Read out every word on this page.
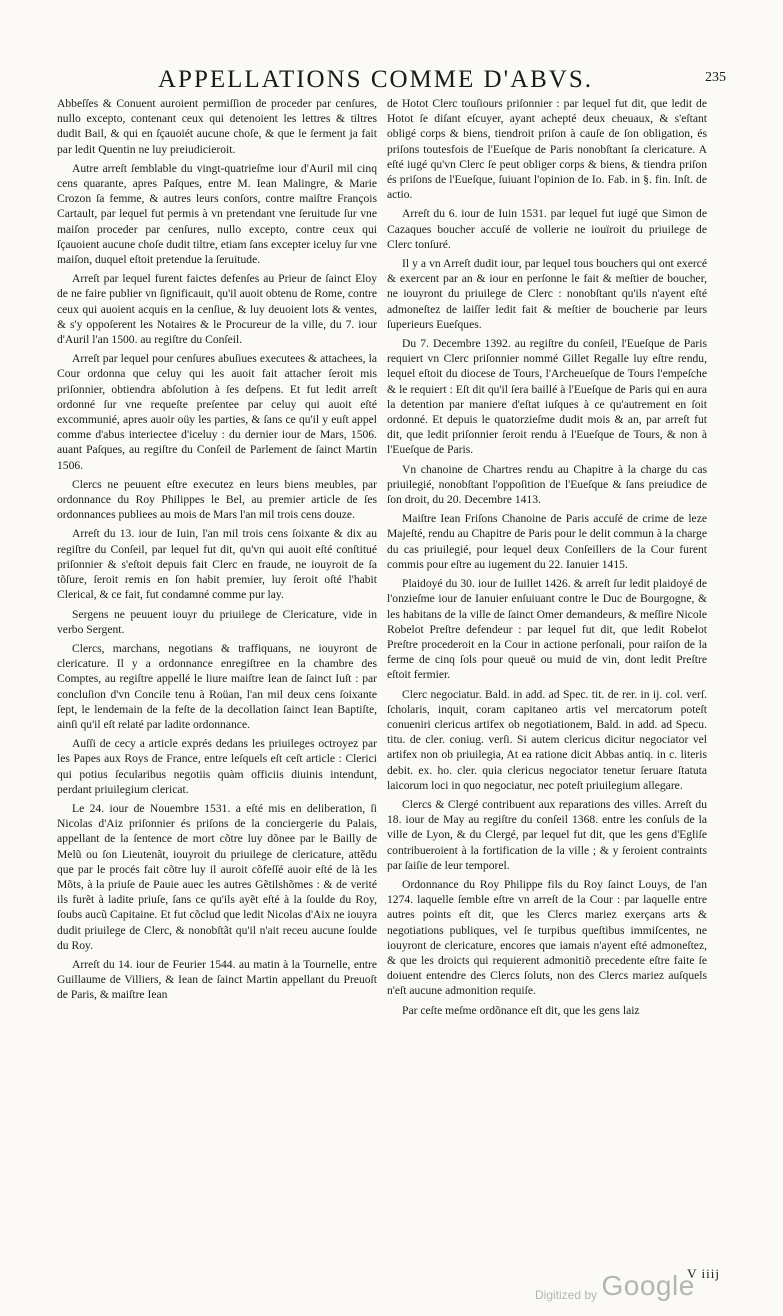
APPELLATIONS COMME D'ABVS.	235

Abbeſſes & Conuent auroient permiſſion de proceder par cenſures, nullo excepto, contenant ceux qui detenoient les lettres & tiltres dudit Bail, & qui en ſçauoiét aucune choſe, & que le ſerment ja fait par ledit Quentin ne luy preiudicieroit.

Autre arreſt ſemblable du vingt-quatrieſme iour d'Auril mil cinq cens quarante, apres Paſques, entre M. Iean Malingre, & Marie Crozon ſa femme, & autres leurs conſors, contre maiſtre François Cartault, par lequel fut permis à vn pretendant vne ſeruitude ſur vne maiſon proceder par cenſures, nullo excepto, contre ceux qui ſçauoient aucune choſe dudit tiltre, etiam ſans excepter iceluy ſur vne maiſon, duquel eſtoit pretendue la ſeruitude.

Arreſt par lequel furent faictes defenſes au Prieur de ſainct Eloy de ne faire publier vn ſignificauit, qu'il auoit obtenu de Rome, contre ceux qui auoient acquis en la cenſiue, & luy deuoient lots & ventes, & s'y oppoſerent les Notaires & le Procureur de la ville, du 7. iour d'Auril l'an 1500. au regiſtre du Conſeil.

Arreſt par lequel pour cenſures abuſiues executees & attachees, la Cour ordonna que celuy qui les auoit fait attacher ſeroit mis priſonnier, obtiendra abſolution à ſes deſpens. Et fut ledit arreſt ordonné ſur vne requeſte preſentee par celuy qui auoit eſté excommunié, apres auoir oüy les parties, & ſans ce qu'il y euſt appel comme d'abus interiectee d'iceluy : du dernier iour de Mars, 1506. auant Paſques, au regiſtre du Conſeil de Parlement de ſainct Martin 1506.

Clercs ne peuuent eſtre executez en leurs biens meubles, par ordonnance du Roy Philippes le Bel, au premier article de ſes ordonnances publiees au mois de Mars l'an mil trois cens douze.

Arreſt du 13. iour de Iuin, l'an mil trois cens ſoixante & dix au regiſtre du Conſeil, par lequel fut dit, qu'vn qui auoit eſté conſtitué priſonnier & s'eſtoit depuis fait Clerc en fraude, ne iouyroit de ſa tõſure, ſeroit remis en ſon habit premier, luy ſeroit oſté l'habit Clerical, & ce fait, fut condamné comme pur lay.

Sergens ne peuuent iouyr du priuilege de Clericature, vide in verbo Sergent.

Clercs, marchans, negotians & traffiquans, ne iouyront de clericature. Il y a ordonnance enregiſtree en la chambre des Comptes, au regiſtre appellé le liure maiſtre Iean de ſainct Iuſt : par concluſion d'vn Concile tenu à Roüan, l'an mil deux cens ſoixante ſept, le lendemain de la feſte de la decollation ſainct Iean Baptiſte, ainſi qu'il eſt relaté par ladite ordonnance.

Auſſi de cecy a article exprés dedans les priuileges octroyez par les Papes aux Roys de France, entre leſquels eſt ceſt article : Clerici qui potius ſecularibus negotiis quàm officiis diuinis intendunt, perdant priuilegium clericat.

Le 24. iour de Nouembre 1531. a eſté mis en deliberation, ſi Nicolas d'Aiz priſonnier és priſons de la conciergerie du Palais, appellant de la ſentence de mort cõtre luy dõnee par le Bailly de Melũ ou ſon Lieutenãt, iouyroit du priuilege de clericature, attẽdu que par le procés fait cõtre luy il auroit cõfeſſé auoir eſté de là les Mõts, à la priuſe de Pauie auec les autres Gẽtilshõmes : & de verité ils furẽt à ladite priuſe, ſans ce qu'ils ayẽt eſté à la ſoulde du Roy, ſoubs aucũ Capitaine. Et fut cõclud que ledit Nicolas d'Aix ne iouyra dudit priuilege de Clerc, & nonobſtãt qu'il n'ait receu aucune ſoulde du Roy.

Arreſt du 14. iour de Feurier 1544. au matin à la Tournelle, entre Guillaume de Villiers, & Iean de ſainct Martin appellant du Preuoſt de Paris, & maiſtre Iean

de Hotot Clerc touſiours priſonnier : par lequel fut dit, que ledit de Hotot ſe diſant eſcuyer, ayant achepté deux cheuaux, & s'eſtant obligé corps & biens, tiendroit priſon à cauſe de ſon obligation, és priſons toutesfois de l'Eueſque de Paris nonobſtant ſa clericature. A eſté iugé qu'vn Clerc ſe peut obliger corps & biens, & tiendra priſon és priſons de l'Eueſque, ſuiuant l'opinion de Io. Fab. in §. fin. Inſt. de actio.

Arreſt du 6. iour de Iuin 1531. par lequel fut iugé que Simon de Cazaques boucher accuſé de vollerie ne iouïroit du priuilege de Clerc tonſuré.

Il y a vn Arreſt dudit iour, par lequel tous bouchers qui ont exercé & exercent par an & iour en perſonne le fait & meſtier de boucher, ne iouyront du priuilege de Clerc : nonobſtant qu'ils n'ayent eſté admoneſtez de laiſſer ledit fait & meſtier de boucherie par leurs ſuperieurs Eueſques.

Du 7. Decembre 1392. au regiſtre du conſeil, l'Eueſque de Paris requiert vn Clerc priſonnier nommé Gillet Regalle luy eſtre rendu, lequel eſtoit du diocese de Tours, l'Archeueſque de Tours l'empeſche & le requiert : Eſt dit qu'il ſera baillé à l'Eueſque de Paris qui en aura la detention par maniere d'eſtat iuſques à ce qu'autrement en ſoit ordonné. Et depuis le quatorzieſme dudit mois & an, par arreſt fut dit, que ledit priſonnier ſeroit rendu à l'Eueſque de Tours, & non à l'Eueſque de Paris.

Vn chanoine de Chartres rendu au Chapitre à la charge du cas priuilegié, nonobſtant l'oppoſition de l'Eueſque & ſans preiudice de ſon droit, du 20. Decembre 1413.

Maiſtre Iean Friſons Chanoine de Paris accuſé de crime de leze Majeſté, rendu au Chapitre de Paris pour le delit commun à la charge du cas priuilegié, pour lequel deux Conſeillers de la Cour furent commis pour eſtre au iugement du 22. Ianuier 1415.

Plaidoyé du 30. iour de Iuillet 1426. & arreſt ſur ledit plaidoyé de l'onzieſme iour de Ianuier enſuiuant contre le Duc de Bourgogne, & les habitans de la ville de ſainct Omer demandeurs, & meſſire Nicole Robelot Preſtre defendeur : par lequel fut dit, que ledit Robelot Preſtre procederoit en la Cour in actione perſonali, pour raiſon de la ferme de cinq ſols pour queuë ou muid de vin, dont ledit Preſtre eſtoit fermier.

Clerc negociatur. Bald. in add. ad Spec. tit. de rer. in ij. col. verſ. ſcholaris, inquit, coram capitaneo artis vel mercatorum poteſt conueniri clericus artifex ob negotiationem, Bald. in add. ad Specu. titu. de cler. coniug. verſi. Si autem clericus dicitur negociator vel artifex non ob priuilegia, At ea ratione dicit Abbas antiq. in c. literis debit. ex. ho. cler. quia clericus negociator tenetur ſeruare ſtatuta laicorum loci in quo negociatur, nec poteſt priuilegium allegare.

Clercs & Clergé contribuent aux reparations des villes. Arreſt du 18. iour de May au regiſtre du conſeil 1368. entre les conſuls de la ville de Lyon, & du Clergé, par lequel fut dit, que les gens d'Egliſe contribueroient à la fortification de la ville ; & y ſeroient contraints par ſaiſie de leur temporel.

Ordonnance du Roy Philippe fils du Roy ſainct Louys, de l'an 1274. laquelle ſemble eſtre vn arreſt de la Cour : par laquelle entre autres points eſt dit, que les Clercs mariez exerçans arts & negotiations publiques, vel ſe turpibus queſtibus immiſcentes, ne iouyront de clericature, encores que iamais n'ayent eſté admoneſtez, & que les droicts qui requierent admonitiõ precedente eſtre faite ſe doiuent entendre des Clercs ſoluts, non des Clercs mariez auſquels n'eſt aucune admonition requiſe.

Par ceſte meſme ordõnance eſt dit, que les gens laiz

V iiij
Digitized by Google
